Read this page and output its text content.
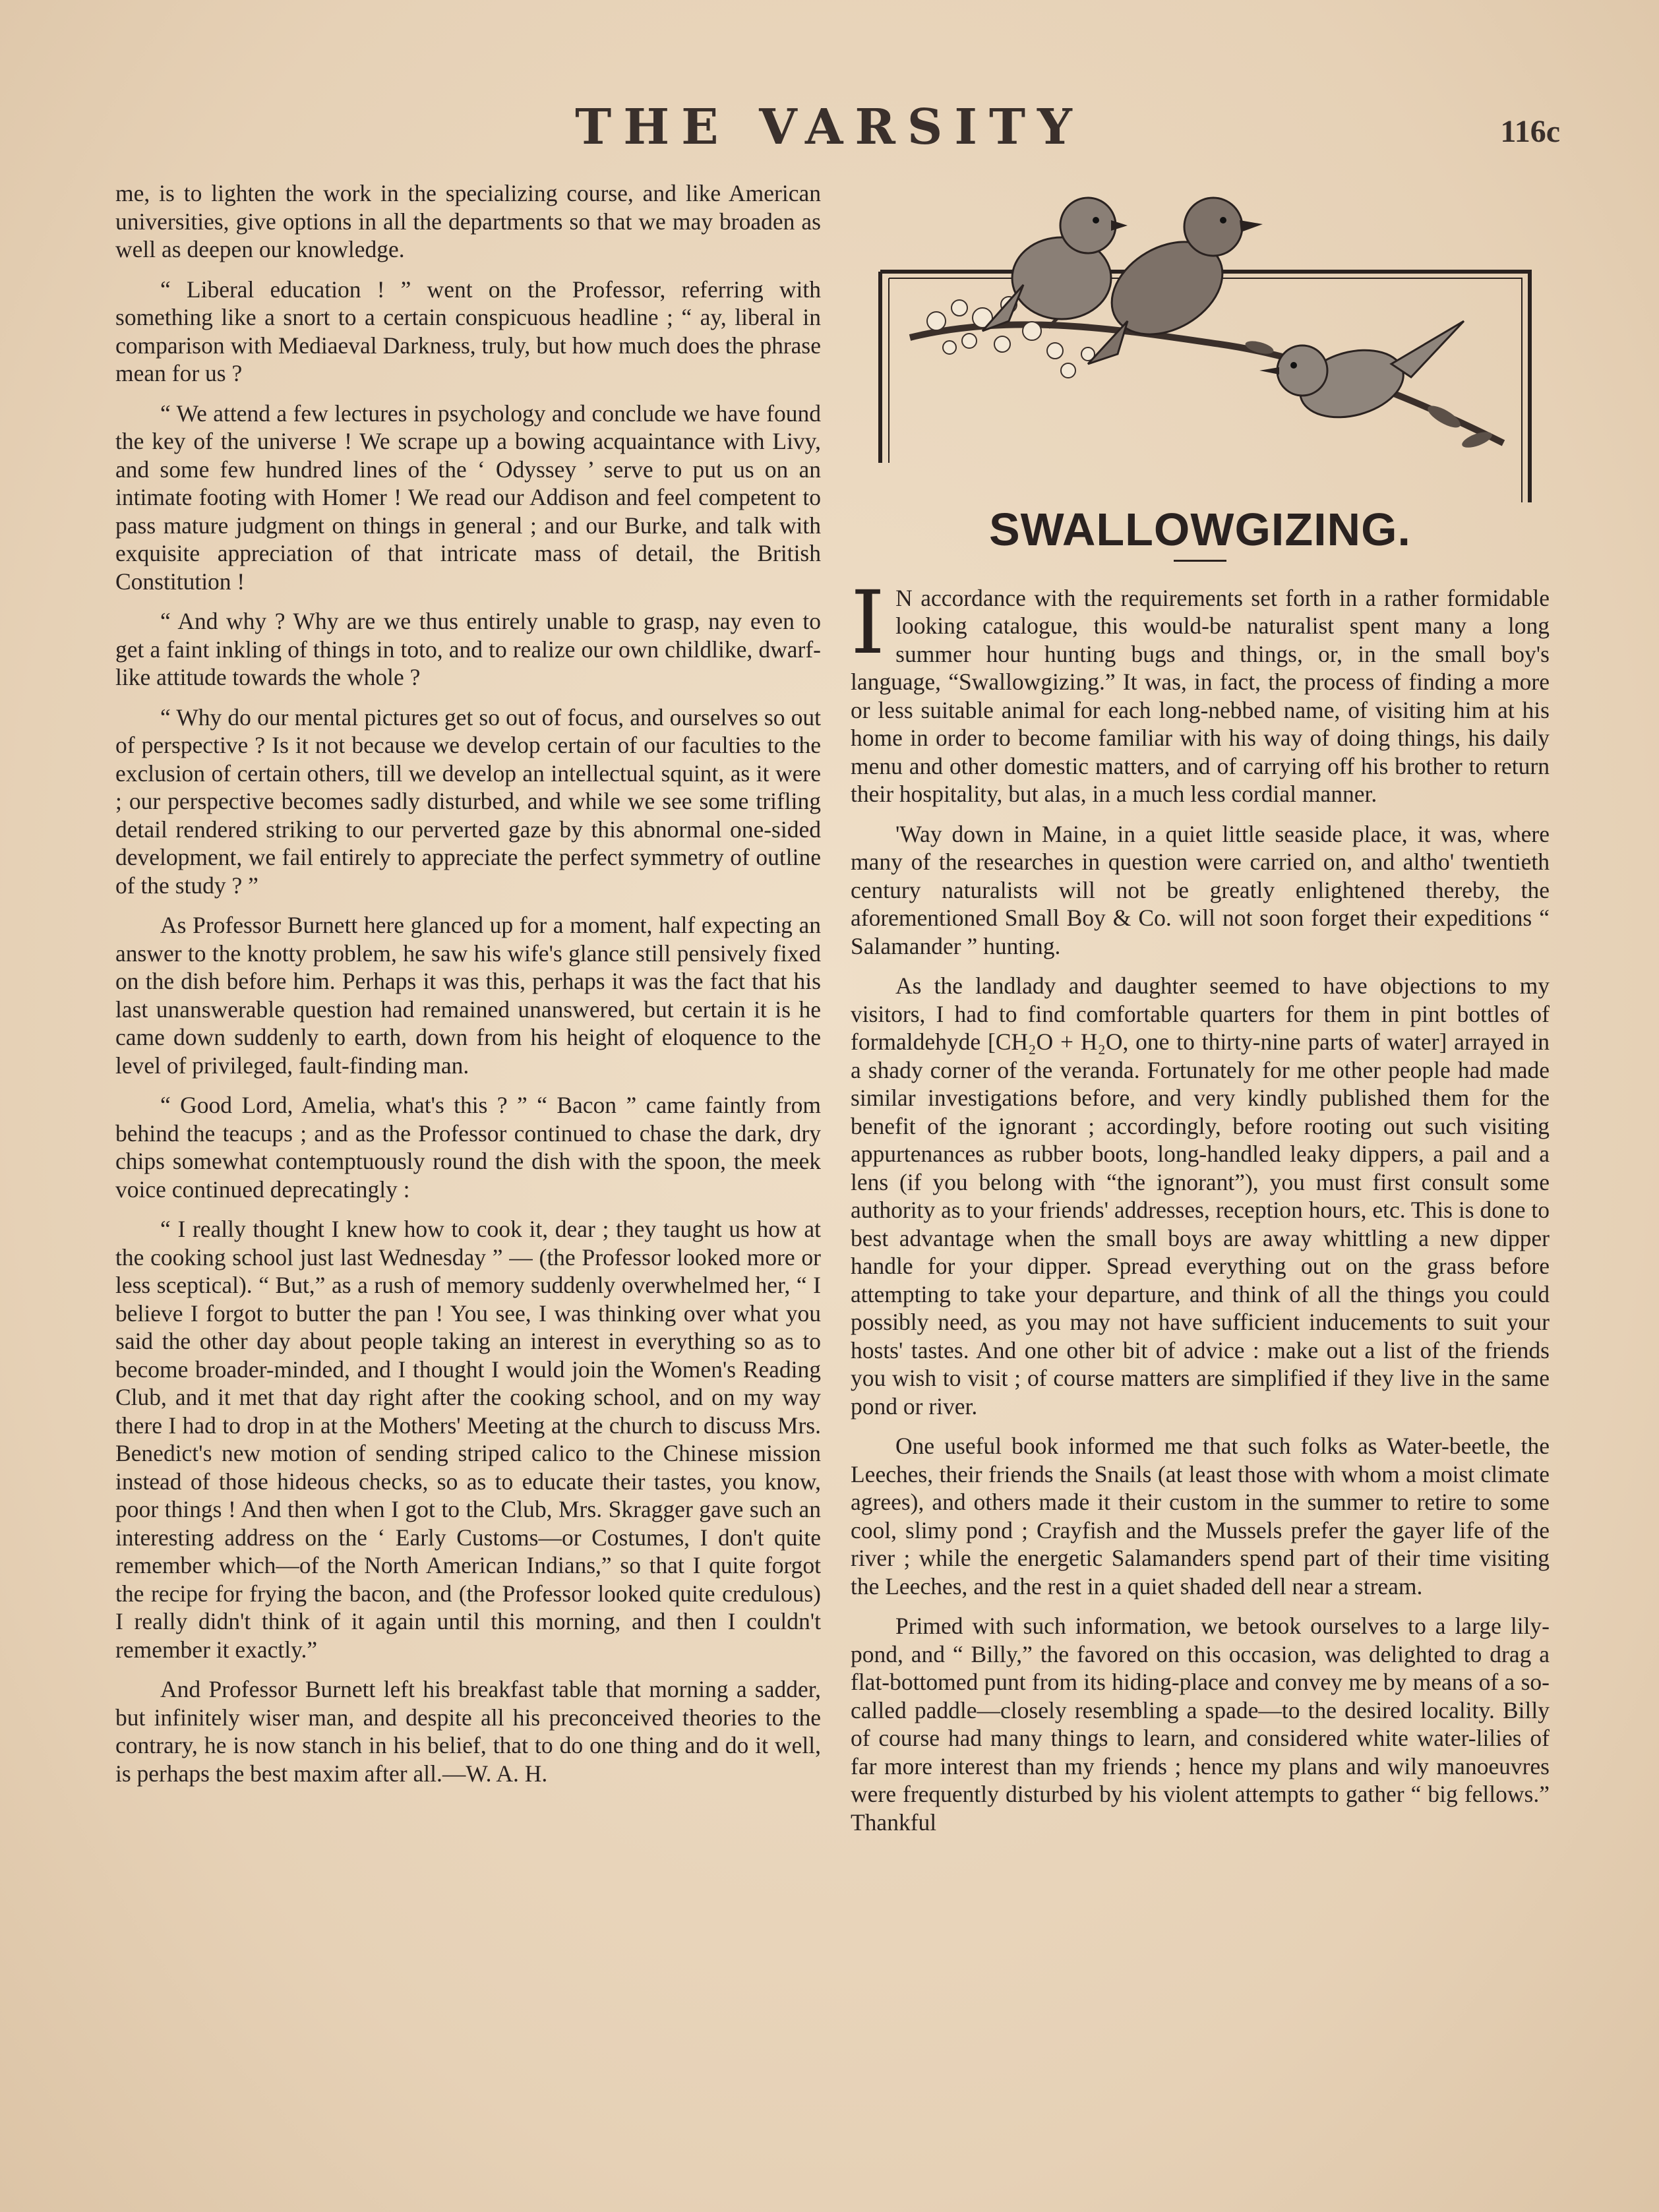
THE VARSITY	116c

me, is to lighten the work in the specializing course, and like American universities, give options in all the departments so that we may broaden as well as deepen our knowledge.

“ Liberal education ! ” went on the Professor, referring with something like a snort to a certain conspicuous headline ; “ ay, liberal in comparison with Mediaeval Darkness, truly, but how much does the phrase mean for us ?

“ We attend a few lectures in psychology and conclude we have found the key of the universe ! We scrape up a bowing acquaintance with Livy, and some few hundred lines of the ‘ Odyssey ’ serve to put us on an intimate footing with Homer ! We read our Addison and feel competent to pass mature judgment on things in general ; and our Burke, and talk with exquisite appreciation of that intricate mass of detail, the British Constitution !

“ And why ? Why are we thus entirely unable to grasp, nay even to get a faint inkling of things in toto, and to realize our own childlike, dwarf-like attitude towards the whole ?

“ Why do our mental pictures get so out of focus, and ourselves so out of perspective ? Is it not because we develop certain of our faculties to the exclusion of certain others, till we develop an intellectual squint, as it were ; our perspective becomes sadly disturbed, and while we see some trifling detail rendered striking to our perverted gaze by this abnormal one-sided development, we fail entirely to appreciate the perfect symmetry of outline of the study ? ”

As Professor Burnett here glanced up for a moment, half expecting an answer to the knotty problem, he saw his wife's glance still pensively fixed on the dish before him. Perhaps it was this, perhaps it was the fact that his last unanswerable question had remained unanswered, but certain it is he came down suddenly to earth, down from his height of eloquence to the level of privileged, fault-finding man.

“ Good Lord, Amelia, what's this ? ” “ Bacon ” came faintly from behind the teacups ; and as the Professor continued to chase the dark, dry chips somewhat contemptuously round the dish with the spoon, the meek voice continued deprecatingly :

“ I really thought I knew how to cook it, dear ; they taught us how at the cooking school just last Wednesday ” — (the Professor looked more or less sceptical). “ But,” as a rush of memory suddenly overwhelmed her, “ I believe I forgot to butter the pan ! You see, I was thinking over what you said the other day about people taking an interest in everything so as to become broader-minded, and I thought I would join the Women's Reading Club, and it met that day right after the cooking school, and on my way there I had to drop in at the Mothers' Meeting at the church to discuss Mrs. Benedict's new motion of sending striped calico to the Chinese mission instead of those hideous checks, so as to educate their tastes, you know, poor things ! And then when I got to the Club, Mrs. Skragger gave such an interesting address on the ‘ Early Customs—or Costumes, I don't quite remember which—of the North American Indians,” so that I quite forgot the recipe for frying the bacon, and (the Professor looked quite credulous) I really didn't think of it again until this morning, and then I couldn't remember it exactly.”

And Professor Burnett left his breakfast table that morning a sadder, but infinitely wiser man, and despite all his preconceived theories to the contrary, he is now stanch in his belief, that to do one thing and do it well, is perhaps the best maxim after all.—W. A. H.

SWALLOWGIZING.

I N accordance with the requirements set forth in a rather formidable looking catalogue, this would-be naturalist spent many a long summer hour hunting bugs and things, or, in the small boy's language, “Swallowgizing.” It was, in fact, the process of finding a more or less suitable animal for each long-nebbed name, of visiting him at his home in order to become familiar with his way of doing things, his daily menu and other domestic matters, and of carrying off his brother to return their hospitality, but alas, in a much less cordial manner.

'Way down in Maine, in a quiet little seaside place, it was, where many of the researches in question were carried on, and altho' twentieth century naturalists will not be greatly enlightened thereby, the aforementioned Small Boy & Co. will not soon forget their expeditions “ Salamander ” hunting.

As the landlady and daughter seemed to have objections to my visitors, I had to find comfortable quarters for them in pint bottles of formaldehyde [CH₂O + H₂O, one to thirty-nine parts of water] arrayed in a shady corner of the veranda. Fortunately for me other people had made similar investigations before, and very kindly published them for the benefit of the ignorant ; accordingly, before rooting out such visiting appurtenances as rubber boots, long-handled leaky dippers, a pail and a lens (if you belong with “the ignorant”), you must first consult some authority as to your friends' addresses, reception hours, etc. This is done to best advantage when the small boys are away whittling a new dipper handle for your dipper. Spread everything out on the grass before attempting to take your departure, and think of all the things you could possibly need, as you may not have sufficient inducements to suit your hosts' tastes. And one other bit of advice : make out a list of the friends you wish to visit ; of course matters are simplified if they live in the same pond or river.

One useful book informed me that such folks as Water-beetle, the Leeches, their friends the Snails (at least those with whom a moist climate agrees), and others made it their custom in the summer to retire to some cool, slimy pond ; Crayfish and the Mussels prefer the gayer life of the river ; while the energetic Salamanders spend part of their time visiting the Leeches, and the rest in a quiet shaded dell near a stream.

Primed with such information, we betook ourselves to a large lily-pond, and “ Billy,” the favored on this occasion, was delighted to drag a flat-bottomed punt from its hiding-place and convey me by means of a so-called paddle—closely resembling a spade—to the desired locality. Billy of course had many things to learn, and considered white water-lilies of far more interest than my friends ; hence my plans and wily manoeuvres were frequently disturbed by his violent attempts to gather “ big fellows.” Thankful
